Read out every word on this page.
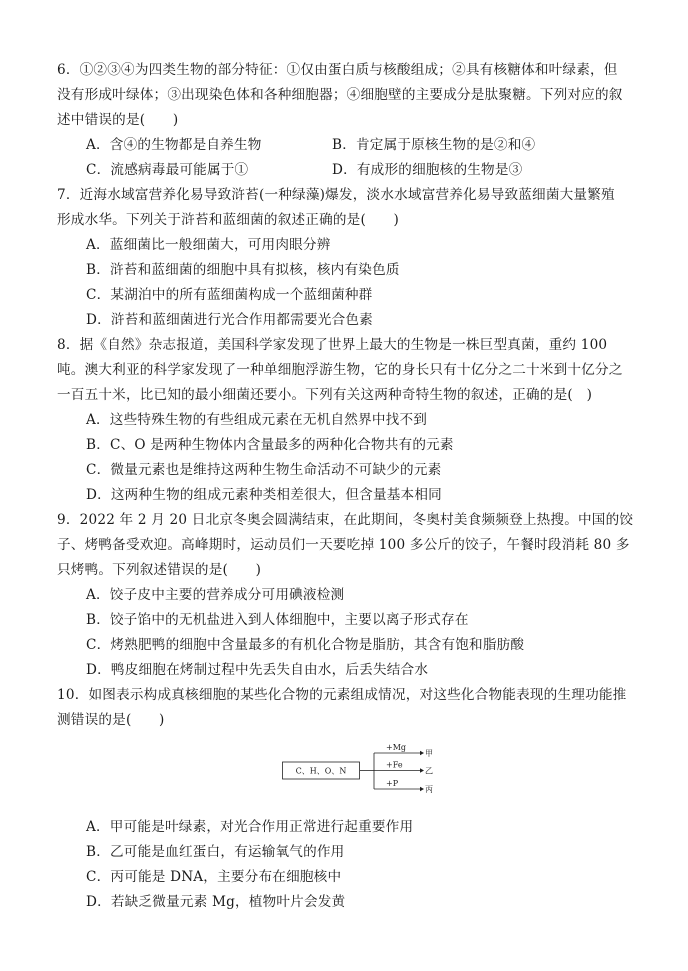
6．①②③④为四类生物的部分特征：①仅由蛋白质与核酸组成；②具有核糖体和叶绿素，但
没有形成叶绿体；③出现染色体和各种细胞器；④细胞壁的主要成分是肽聚糖。下列对应的叙
述中错误的是(　　)
A．含④的生物都是自养生物	B．肯定属于原核生物的是②和④
C．流感病毒最可能属于①	D．有成形的细胞核的生物是③
7．近海水域富营养化易导致浒苔(一种绿藻)爆发，淡水水域富营养化易导致蓝细菌大量繁殖
形成水华。下列关于浒苔和蓝细菌的叙述正确的是(　　)
A．蓝细菌比一般细菌大，可用肉眼分辨
B．浒苔和蓝细菌的细胞中具有拟核，核内有染色质
C．某湖泊中的所有蓝细菌构成一个蓝细菌种群
D．浒苔和蓝细菌进行光合作用都需要光合色素
8．据《自然》杂志报道，美国科学家发现了世界上最大的生物是一株巨型真菌，重约 100
吨。澳大利亚的科学家发现了一种单细胞浮游生物，它的身长只有十亿分之二十米到十亿分之
一百五十米，比已知的最小细菌还要小。下列有关这两种奇特生物的叙述，正确的是(　)
A．这些特殊生物的有些组成元素在无机自然界中找不到
B．C、O 是两种生物体内含量最多的两种化合物共有的元素
C．微量元素也是维持这两种生物生命活动不可缺少的元素
D．这两种生物的组成元素种类相差很大，但含量基本相同
9．2022 年 2 月 20 日北京冬奥会圆满结束，在此期间，冬奥村美食频频登上热搜。中国的饺
子、烤鸭备受欢迎。高峰期时，运动员们一天要吃掉 100 多公斤的饺子，午餐时段消耗 80 多
只烤鸭。下列叙述错误的是(　　)
A．饺子皮中主要的营养成分可用碘液检测
B．饺子馅中的无机盐进入到人体细胞中，主要以离子形式存在
C．烤熟肥鸭的细胞中含量最多的有机化合物是脂肪，其含有饱和脂肪酸
D．鸭皮细胞在烤制过程中先丢失自由水，后丢失结合水
10．如图表示构成真核细胞的某些化合物的元素组成情况，对这些化合物能表现的生理功能推
测错误的是(　　)
C、H、O、N
+Mg
甲
+Fe
乙
+P
丙
A．甲可能是叶绿素，对光合作用正常进行起重要作用
B．乙可能是血红蛋白，有运输氧气的作用
C．丙可能是 DNA，主要分布在细胞核中
D．若缺乏微量元素 Mg，植物叶片会发黄
